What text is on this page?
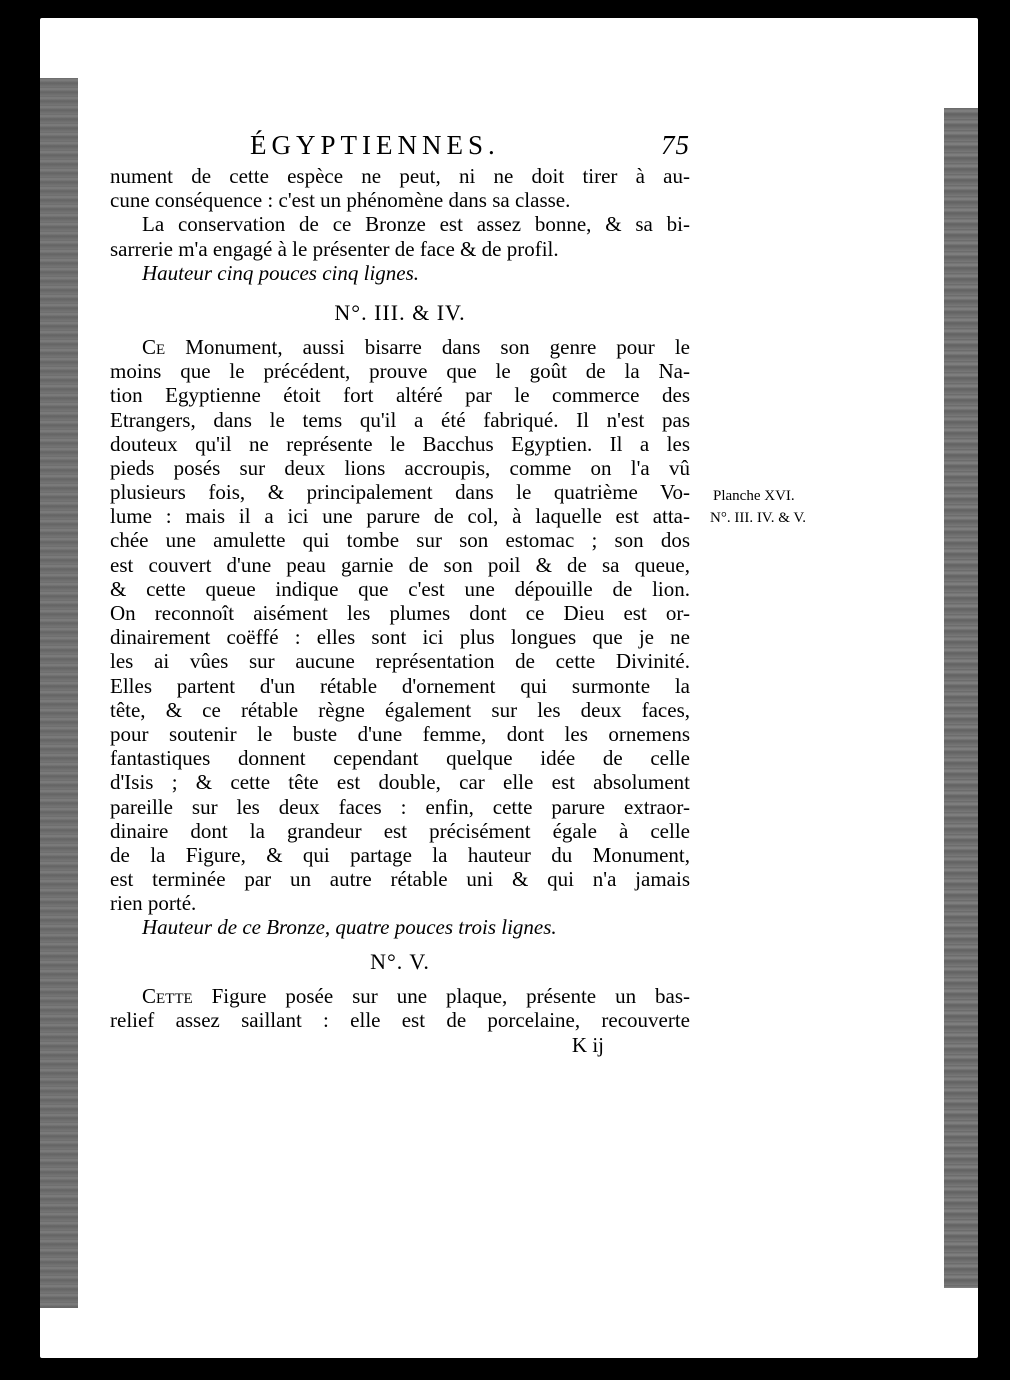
ÉGYPTIENNES.	75
nument de cette espèce ne peut, ni ne doit tirer à au-
cune conséquence : c'est un phénomène dans sa classe.
La conservation de ce Bronze est assez bonne, & sa bi-
sarrerie m'a engagé à le présenter de face & de profil.
Hauteur cinq pouces cinq lignes.
N°. III. & IV.
Ce Monument, aussi bisarre dans son genre pour le
moins que le précédent, prouve que le goût de la Na-
tion Egyptienne étoit fort altéré par le commerce des
Etrangers, dans le tems qu'il a été fabriqué. Il n'est pas
douteux qu'il ne représente le Bacchus Egyptien. Il a les
pieds posés sur deux lions accroupis, comme on l'a vû
plusieurs fois, & principalement dans le quatrième Vo-
lume : mais il a ici une parure de col, à laquelle est atta-
chée une amulette qui tombe sur son estomac ; son dos
est couvert d'une peau garnie de son poil & de sa queue,
& cette queue indique que c'est une dépouille de lion.
On reconnoît aisément les plumes dont ce Dieu est or-
dinairement coëffé : elles sont ici plus longues que je ne
les ai vûes sur aucune représentation de cette Divinité.
Elles partent d'un rétable d'ornement qui surmonte la
tête, & ce rétable règne également sur les deux faces,
pour soutenir le buste d'une femme, dont les ornemens
fantastiques donnent cependant quelque idée de celle
d'Isis ; & cette tête est double, car elle est absolument
pareille sur les deux faces : enfin, cette parure extraor-
dinaire dont la grandeur est précisément égale à celle
de la Figure, & qui partage la hauteur du Monument,
est terminée par un autre rétable uni & qui n'a jamais
rien porté.
Hauteur de ce Bronze, quatre pouces trois lignes.
N°. V.
Cette Figure posée sur une plaque, présente un bas-
relief assez saillant : elle est de porcelaine, recouverte
K ij
Planche XVI.
N°. III. IV. & V.
